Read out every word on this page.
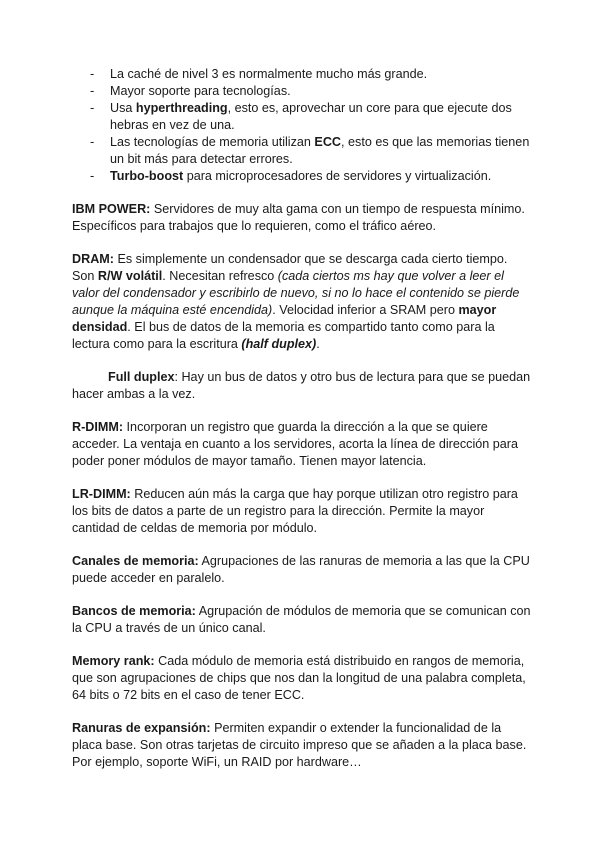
- La caché de nivel 3 es normalmente mucho más grande.
- Mayor soporte para tecnologías.
- Usa hyperthreading, esto es, aprovechar un core para que ejecute dos hebras en vez de una.
- Las tecnologías de memoria utilizan ECC, esto es que las memorias tienen un bit más para detectar errores.
- Turbo-boost para microprocesadores de servidores y virtualización.

IBM POWER: Servidores de muy alta gama con un tiempo de respuesta mínimo. Específicos para trabajos que lo requieren, como el tráfico aéreo.

DRAM: Es simplemente un condensador que se descarga cada cierto tiempo. Son R/W volátil. Necesitan refresco (cada ciertos ms hay que volver a leer el valor del condensador y escribirlo de nuevo, si no lo hace el contenido se pierde aunque la máquina esté encendida). Velocidad inferior a SRAM pero mayor densidad. El bus de datos de la memoria es compartido tanto como para la lectura como para la escritura (half duplex).

Full duplex: Hay un bus de datos y otro bus de lectura para que se puedan hacer ambas a la vez.

R-DIMM: Incorporan un registro que guarda la dirección a la que se quiere acceder. La ventaja en cuanto a los servidores, acorta la línea de dirección para poder poner módulos de mayor tamaño. Tienen mayor latencia.

LR-DIMM: Reducen aún más la carga que hay porque utilizan otro registro para los bits de datos a parte de un registro para la dirección. Permite la mayor cantidad de celdas de memoria por módulo.

Canales de memoria: Agrupaciones de las ranuras de memoria a las que la CPU puede acceder en paralelo.

Bancos de memoria: Agrupación de módulos de memoria que se comunican con la CPU a través de un único canal.

Memory rank: Cada módulo de memoria está distribuido en rangos de memoria, que son agrupaciones de chips que nos dan la longitud de una palabra completa, 64 bits o 72 bits en el caso de tener ECC.

Ranuras de expansión: Permiten expandir o extender la funcionalidad de la placa base. Son otras tarjetas de circuito impreso que se añaden a la placa base. Por ejemplo, soporte WiFi, un RAID por hardware…
